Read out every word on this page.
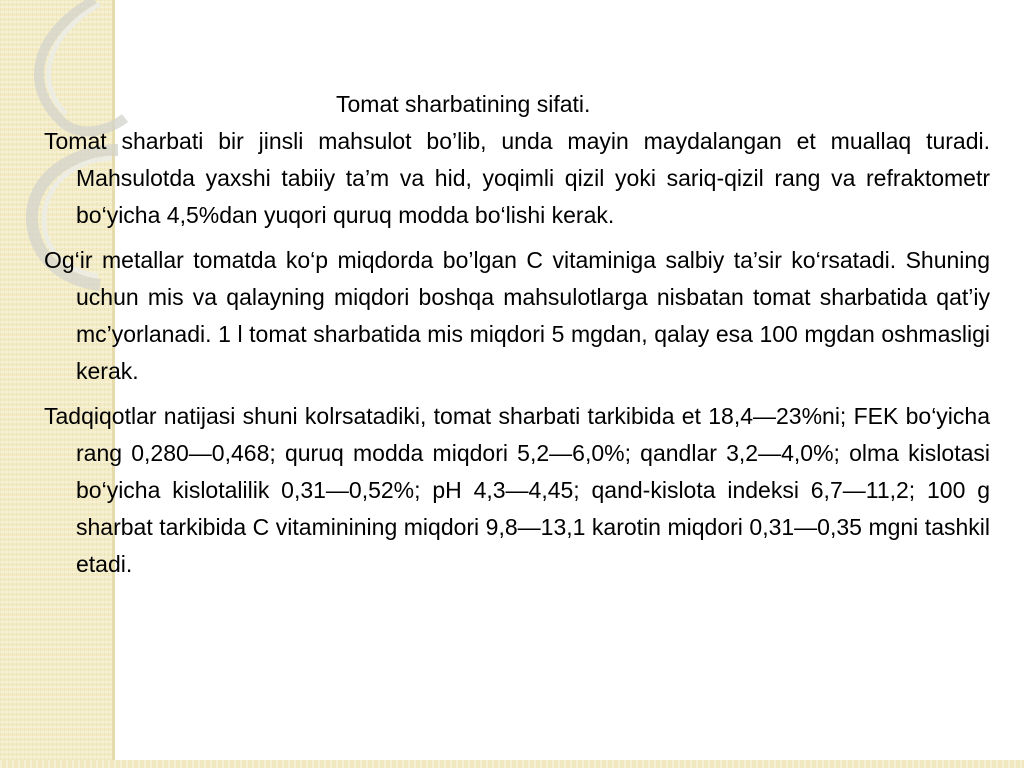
Tomat sharbatining sifati.

Tomat sharbati bir jinsli mahsulot bo’lib, unda mayin maydalangan et muallaq turadi. Mahsulotda yaxshi tabiiy ta’m va hid, yoqimli qizil yoki sariq-qizil rang va refraktometr bo‘yicha 4,5%dan yuqori quruq modda bo‘lishi kerak.

Og‘ir metallar tomatda ko‘p miqdorda bo’lgan C vitaminiga salbiy ta’sir ko‘rsatadi. Shuning uchun mis va qalayning miqdori boshqa mahsulotlarga nisbatan tomat sharbatida qat’iy mc’yorlanadi. 1 l tomat sharbatida mis miqdori 5 mgdan, qalay esa 100 mgdan oshmasligi kerak.

Tadqiqotlar natijasi shuni kolrsatadiki, tomat sharbati tarkibida et 18,4—23%ni; FEK bo‘yicha rang 0,280—0,468; quruq modda miqdori 5,2—6,0%; qandlar 3,2—4,0%; olma kislotasi bo‘yicha kislotalilik 0,31—0,52%; pH 4,3—4,45; qand-kislota indeksi 6,7—11,2; 100 g sharbat tarkibida C vitaminining miqdori 9,8—13,1 karotin miqdori 0,31—0,35 mgni tashkil etadi.
